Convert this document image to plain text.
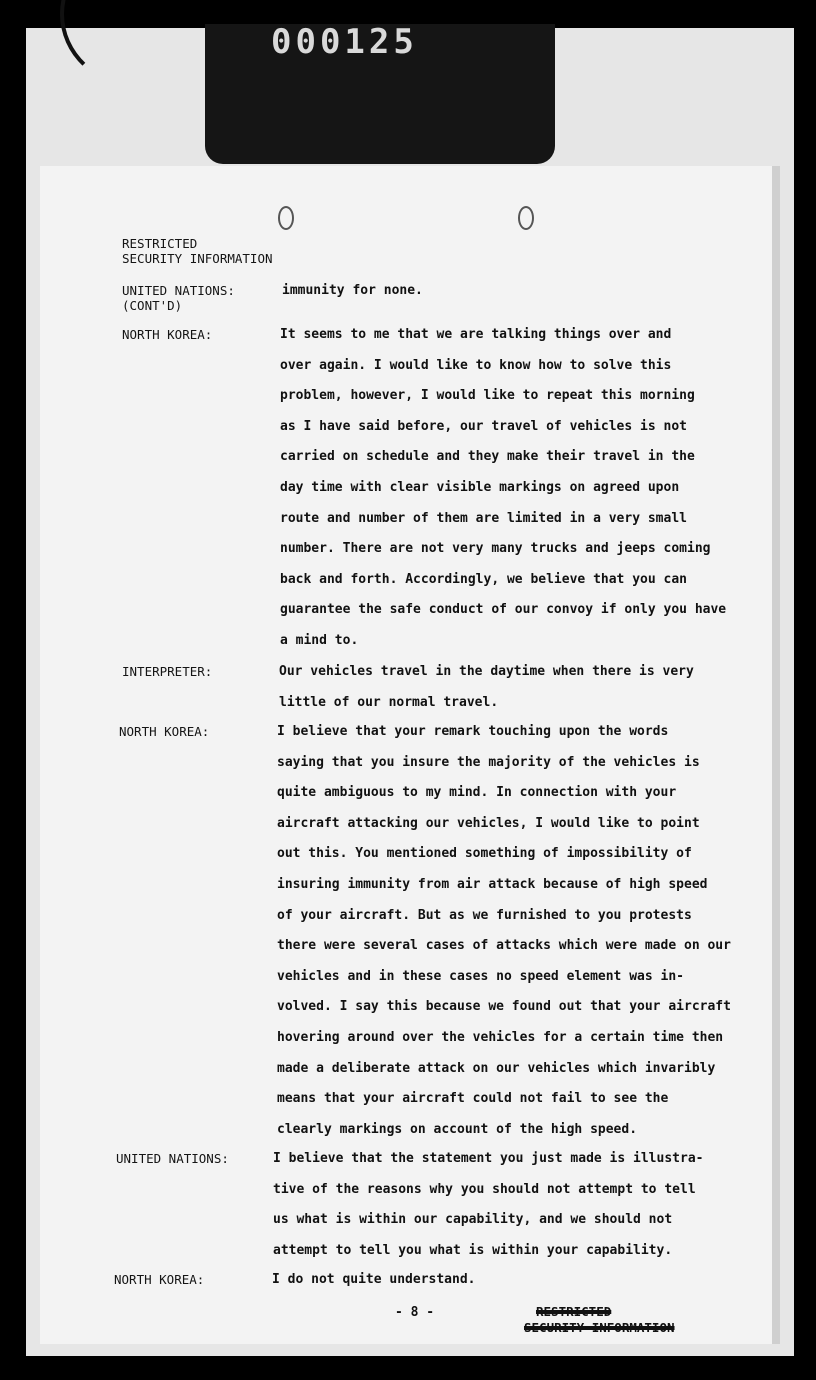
000125
RESTRICTED
SECURITY INFORMATION
UNITED NATIONS:
(CONT'D)
immunity for none.
NORTH KOREA:	It seems to me that we are talking things over and
over again. I would like to know how to solve this
problem, however, I would like to repeat this morning
as I have said before, our travel of vehicles is not
carried on schedule and they make their travel in the
day time with clear visible markings on agreed upon
route and number of them are limited in a very small
number. There are not very many trucks and jeeps coming
back and forth. Accordingly, we believe that you can
guarantee the safe conduct of our convoy if only you have
a mind to.
INTERPRETER:	Our vehicles travel in the daytime when there is very
little of our normal travel.
NORTH KOREA:	I believe that your remark touching upon the words
saying that you insure the majority of the vehicles is
quite ambiguous to my mind. In connection with your
aircraft attacking our vehicles, I would like to point
out this. You mentioned something of impossibility of
insuring immunity from air attack because of high speed
of your aircraft. But as we furnished to you protests
there were several cases of attacks which were made on our
vehicles and in these cases no speed element was in-
volved. I say this because we found out that your aircraft
hovering around over the vehicles for a certain time then
made a deliberate attack on our vehicles which invaribly
means that your aircraft could not fail to see the
clearly markings on account of the high speed.
UNITED NATIONS:	I believe that the statement you just made is illustra-
tive of the reasons why you should not attempt to tell
us what is within our capability, and we should not
attempt to tell you what is within your capability.
NORTH KOREA:	I do not quite understand.
- 8 -	RESTRICTED
SECURITY INFORMATION
